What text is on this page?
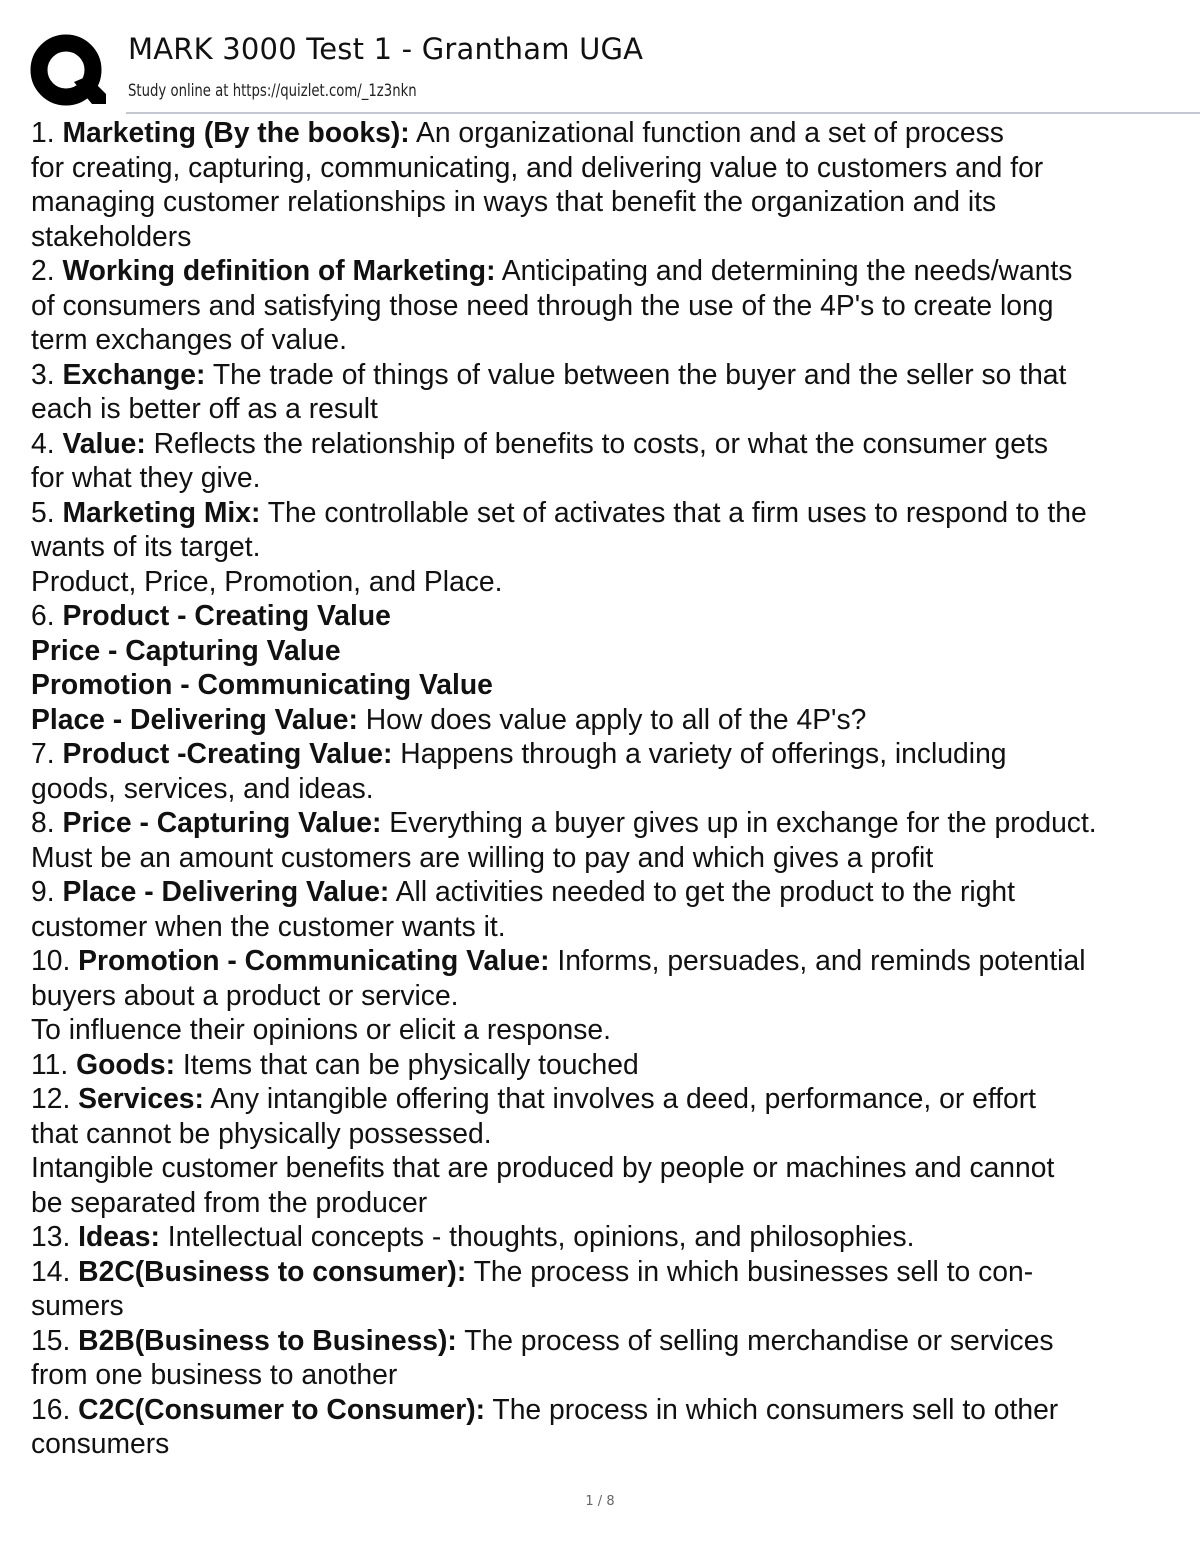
MARK 3000 Test 1 - Grantham UGA
Study online at https://quizlet.com/_1z3nkn
1. Marketing (By the books): An organizational function and a set of process
for creating, capturing, communicating, and delivering value to customers and for
managing customer relationships in ways that benefit the organization and its
stakeholders
2. Working definition of Marketing: Anticipating and determining the needs/wants
of consumers and satisfying those need through the use of the 4P's to create long
term exchanges of value.
3. Exchange: The trade of things of value between the buyer and the seller so that
each is better off as a result
4. Value: Reflects the relationship of benefits to costs, or what the consumer gets
for what they give.
5. Marketing Mix: The controllable set of activates that a firm uses to respond to the
wants of its target.
Product, Price, Promotion, and Place.
6. Product - Creating Value
Price - Capturing Value
Promotion - Communicating Value
Place - Delivering Value: How does value apply to all of the 4P's?
7. Product -Creating Value: Happens through a variety of offerings, including
goods, services, and ideas.
8. Price - Capturing Value: Everything a buyer gives up in exchange for the product.
Must be an amount customers are willing to pay and which gives a profit
9. Place - Delivering Value: All activities needed to get the product to the right
customer when the customer wants it.
10. Promotion - Communicating Value: Informs, persuades, and reminds potential
buyers about a product or service.
To influence their opinions or elicit a response.
11. Goods: Items that can be physically touched
12. Services: Any intangible offering that involves a deed, performance, or effort
that cannot be physically possessed.
Intangible customer benefits that are produced by people or machines and cannot
be separated from the producer
13. Ideas: Intellectual concepts - thoughts, opinions, and philosophies.
14. B2C(Business to consumer): The process in which businesses sell to con-
sumers
15. B2B(Business to Business): The process of selling merchandise or services
from one business to another
16. C2C(Consumer to Consumer): The process in which consumers sell to other
consumers
1 / 8
